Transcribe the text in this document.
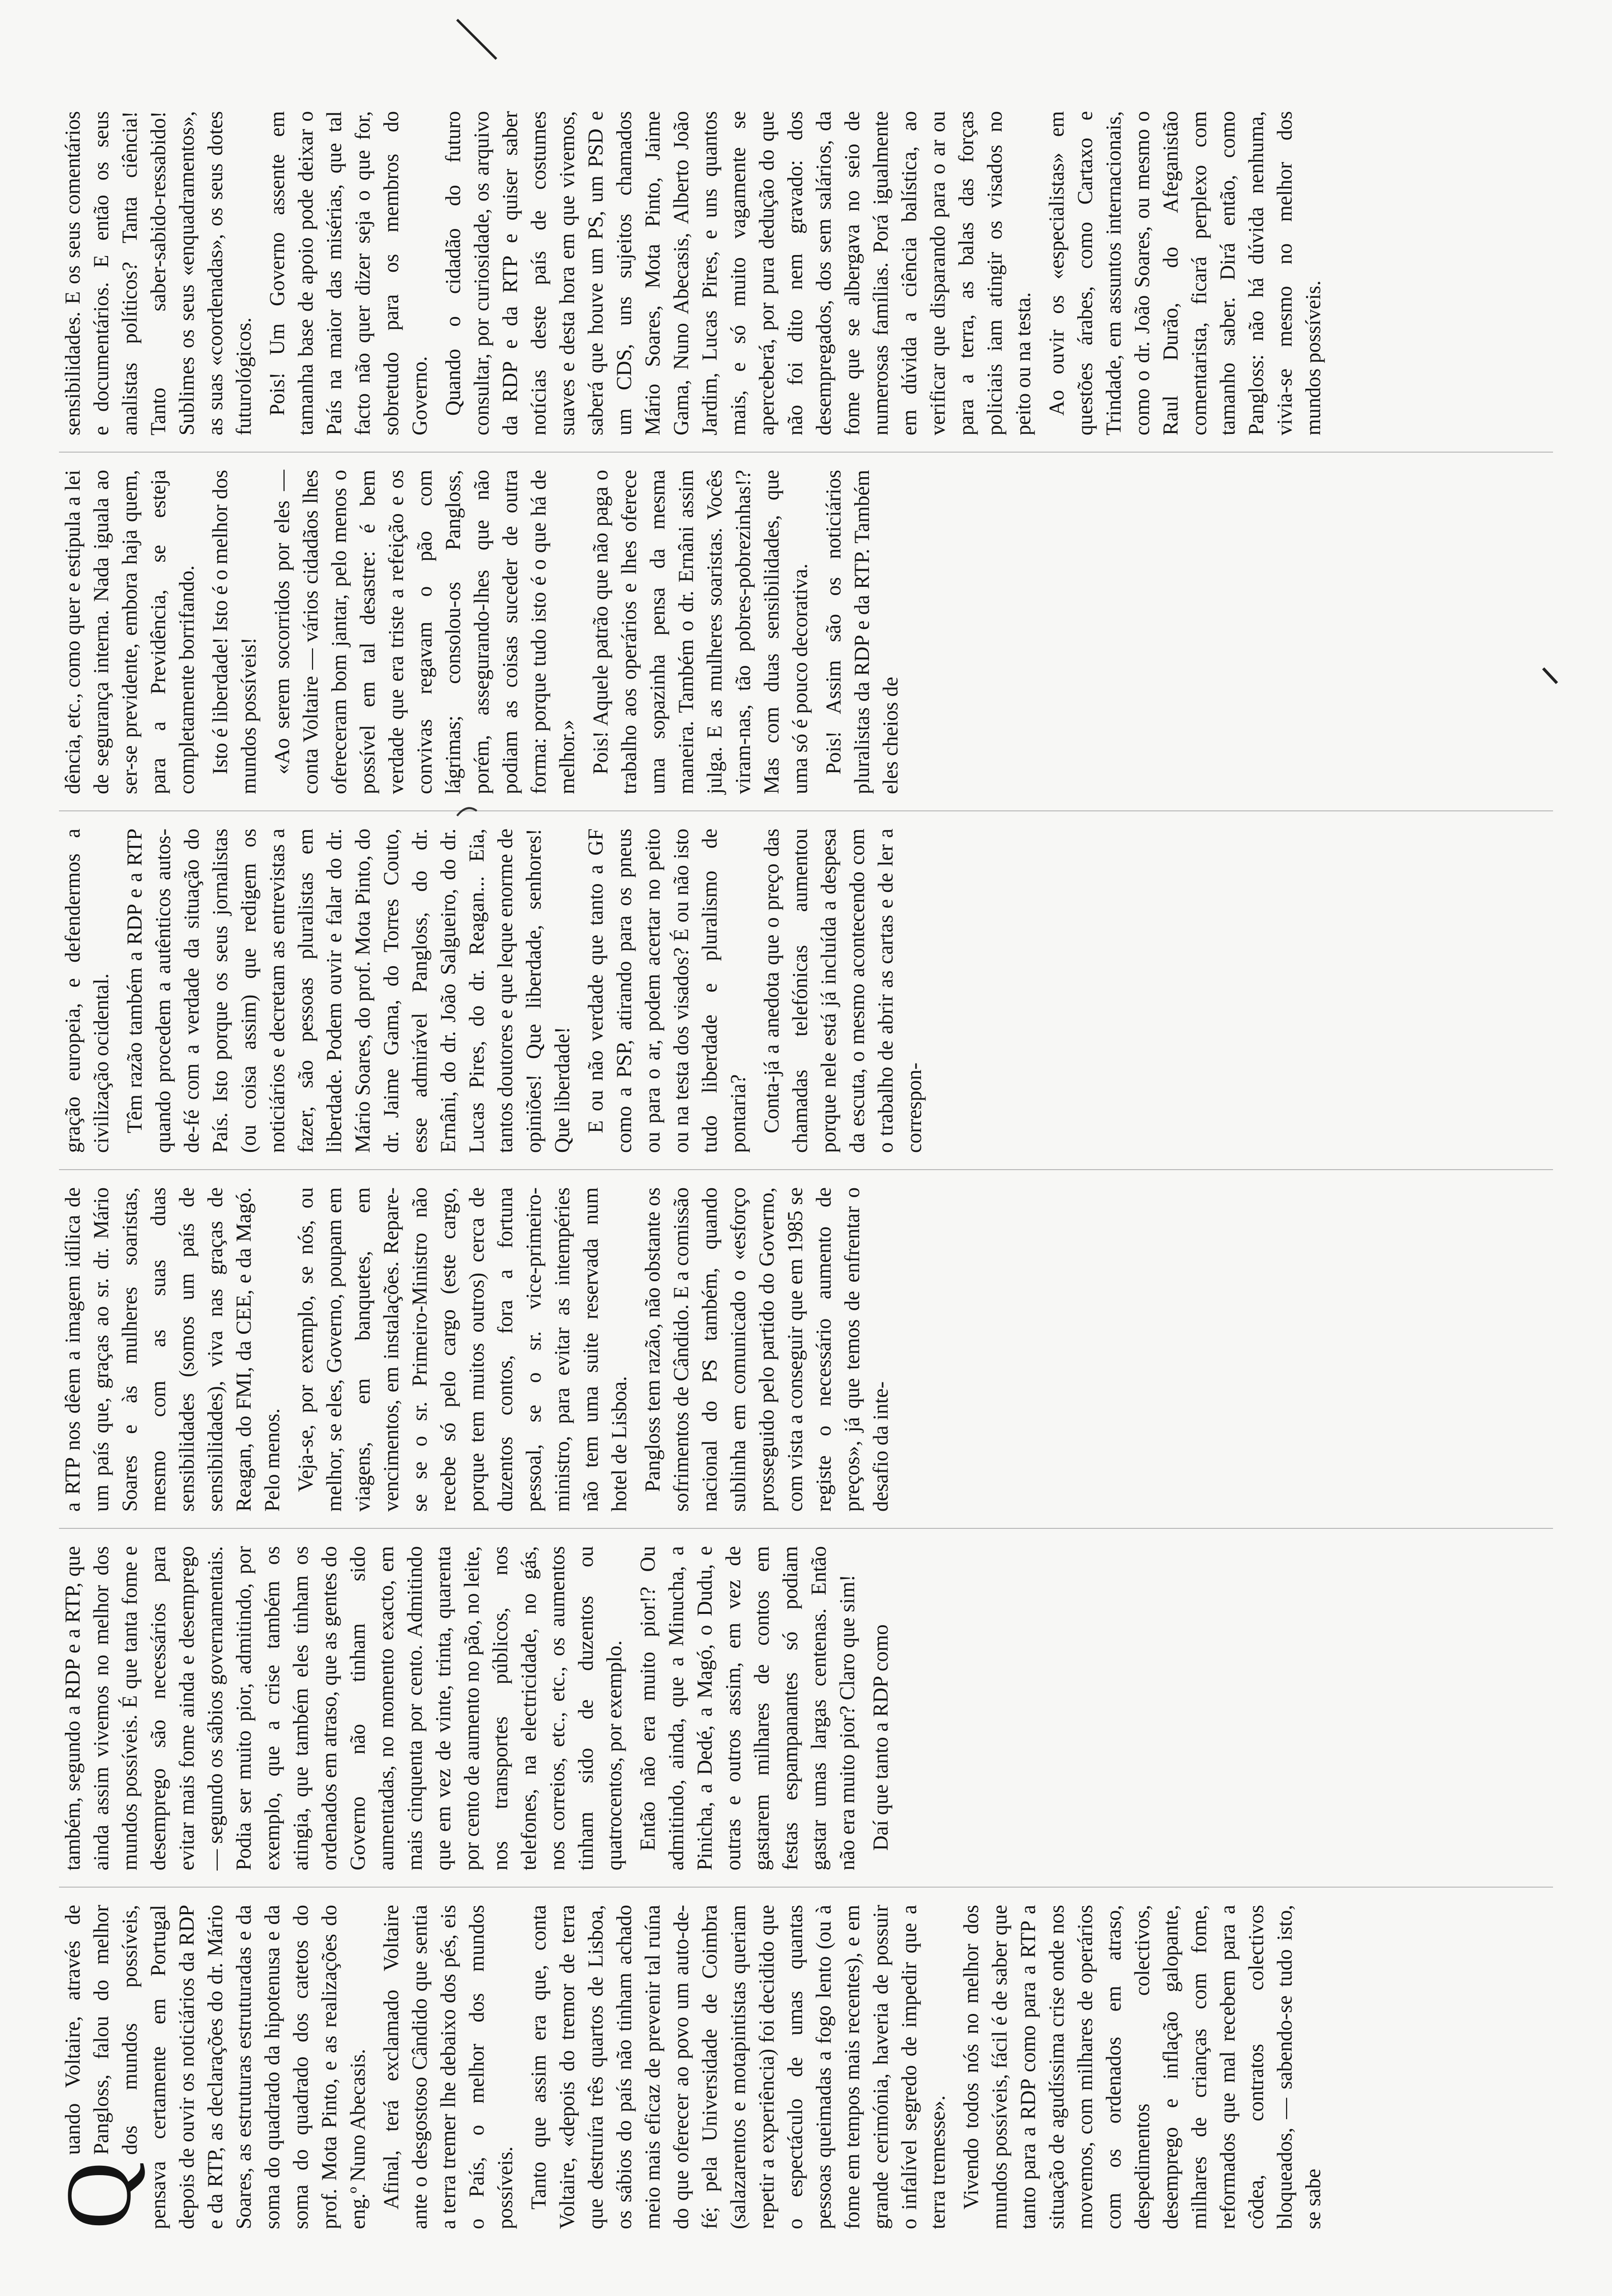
Q
uando Voltaire, através de Pangloss, falou do melhor dos mundos possíveis, pensava certamente em Portugal depois de ouvir os noticiários da RDP e da RTP, as declarações do dr. Mário Soares, as estruturas estruturadas e da soma do quadrado da hipotenusa e da soma do quadrado dos catetos do prof. Mota Pinto, e as realizações do eng.º Nuno Abecasis. Afinal, terá exclamado Voltaire ante o desgostoso Cândido que sentia a terra tremer lhe debaixo dos pés, eis o País, o melhor dos mundos possíveis. Tanto que assim era que, conta Voltaire, «depois do tremor de terra que destruíra três quartos de Lisboa, os sábios do país não tinham achado meio mais eficaz de prevenir tal ruína do que oferecer ao povo um auto-de-fé; pela Universidade de Coimbra (salazarentos e motapintistas queriam repetir a experiência) foi decidido que o espectáculo de umas quantas pessoas queimadas a fogo lento (ou à fome em tempos mais recentes), e em grande cerimónia, haveria de possuir o infalível segredo de impedir que a terra tremesse». Vivendo todos nós no melhor dos mundos possíveis, fácil é de saber que tanto para a RDP como para a RTP a situação de agudíssima crise onde nos movemos, com milhares de operários com os ordenados em atraso, despedimentos colectivos, desemprego e inflação galopante, milhares de crianças com fome, reformados que mal recebem para a côdea, contratos colectivos bloqueados, — sabendo-se tudo isto, se sabe

também, segundo a RDP e a RTP, que ainda assim vivemos no melhor dos mundos possíveis. É que tanta fome e desemprego são necessários para evitar mais fome ainda e desemprego — segundo os sábios governamentais. Podia ser muito pior, admitindo, por exemplo, que a crise também os atingia, que também eles tinham os ordenados em atraso, que as gentes do Governo não tinham sido aumentadas, no momento exacto, em mais cinquenta por cento. Admitindo que em vez de vinte, trinta, quarenta por cento de aumento no pão, no leite, nos transportes públicos, nos telefones, na electricidade, no gás, nos correios, etc., etc., os aumentos tinham sido de duzentos ou quatrocentos, por exemplo. Então não era muito pior!? Ou admitindo, ainda, que a Minucha, a Pinicha, a Dedé, a Magó, o Dudu, e outras e outros assim, em vez de gastarem milhares de contos em festas espampanantes só podiam gastar umas largas centenas. Então não era muito pior? Claro que sim! Daí que tanto a RDP como

a RTP nos dêem a imagem idílica de um país que, graças ao sr. dr. Mário Soares e às mulheres soaristas, mesmo com as suas duas sensibilidades (somos um país de sensibilidades), viva nas graças de Reagan, do FMI, da CEE, e da Magó. Pelo menos. Veja-se, por exemplo, se nós, ou melhor, se eles, Governo, poupam em viagens, em banquetes, em vencimentos, em instalações. Repare-se se o sr. Primeiro-Ministro não recebe só pelo cargo (este cargo, porque tem muitos outros) cerca de duzentos contos, fora a fortuna pessoal, se o sr. vice-primeiro-ministro, para evitar as intempéries não tem uma suite reservada num hotel de Lisboa. Pangloss tem razão, não obstante os sofrimentos de Cândido. E a comissão nacional do PS também, quando sublinha em comunicado o «esforço prosseguido pelo partido do Governo, com vista a conseguir que em 1985 se registe o necessário aumento de preços», já que temos de enfrentar o desafio da inte-

gração europeia, e defendermos a civilização ocidental. Têm razão também a RDP e a RTP quando procedem a autênticos autos-de-fé com a verdade da situação do País. Isto porque os seus jornalistas (ou coisa assim) que redigem os noticiários e decretam as entrevistas a fazer, são pessoas pluralistas em liberdade. Podem ouvir e falar do dr. Mário Soares, do prof. Mota Pinto, do dr. Jaime Gama, do Torres Couto, esse admirável Pangloss, do dr. Ernâni, do dr. João Salgueiro, do dr. Lucas Pires, do dr. Reagan... Eia, tantos doutores e que leque enorme de opiniões! Que liberdade, senhores! Que liberdade! E ou não verdade que tanto a GF como a PSP, atirando para os pneus ou para o ar, podem acertar no peito ou na testa dos visados? É ou não isto tudo liberdade e pluralismo de pontaria? Conta-já a anedota que o preço das chamadas telefónicas aumentou porque nele está já incluída a despesa da escuta, o mesmo acontecendo com o trabalho de abrir as cartas e de ler a correspon-

dência, etc., como quer e estipula a lei de segurança interna. Nada iguala ao ser-se previdente, embora haja quem, para a Previdência, se esteja completamente borrifando. Isto é liberdade! Isto é o melhor dos mundos possíveis! «Ao serem socorridos por eles — conta Voltaire — vários cidadãos lhes ofereceram bom jantar, pelo menos o possível em tal desastre: é bem verdade que era triste a refeição e os convivas regavam o pão com lágrimas; consolou-os Pangloss, porém, assegurando-lhes que não podiam as coisas suceder de outra forma: porque tudo isto é o que há de melhor.» Pois! Aquele patrão que não paga o trabalho aos operários e lhes oferece uma sopazinha pensa da mesma maneira. Também o dr. Ernâni assim julga. E as mulheres soaristas. Vocês viram-nas, tão pobres-pobrezinhas!? Mas com duas sensibilidades, que uma só é pouco decorativa. Pois! Assim são os noticiários pluralistas da RDP e da RTP. Também eles cheios de

sensibilidades. E os seus comentários e documentários. E então os seus analistas políticos? Tanta ciência! Tanto saber-sabido-ressabido! Sublimes os seus «enquadramentos», as suas «coordenadas», os seus dotes futurológicos. Pois! Um Governo assente em tamanha base de apoio pode deixar o País na maior das misérias, que tal facto não quer dizer seja o que for, sobretudo para os membros do Governo. Quando o cidadão do futuro consultar, por curiosidade, os arquivo da RDP e da RTP e quiser saber notícias deste país de costumes suaves e desta hora em que vivemos, saberá que houve um PS, um PSD e um CDS, uns sujeitos chamados Mário Soares, Mota Pinto, Jaime Gama, Nuno Abecasis, Alberto João Jardim, Lucas Pires, e uns quantos mais, e só muito vagamente se aperceberá, por pura dedução do que não foi dito nem gravado: dos desempregados, dos sem salários, da fome que se albergava no seio de numerosas famílias. Porá igualmente em dúvida a ciência balística, ao verificar que disparando para o ar ou para a terra, as balas das forças policiais iam atingir os visados no peito ou na testa. Ao ouvir os «especialistas» em questões árabes, como Cartaxo e Trindade, em assuntos internacionais, como o dr. João Soares, ou mesmo o Raul Durão, do Afeganistão comentarista, ficará perplexo com tamanho saber. Dirá então, como Pangloss: não há dúvida nenhuma, vivia-se mesmo no melhor dos mundos possíveis.
